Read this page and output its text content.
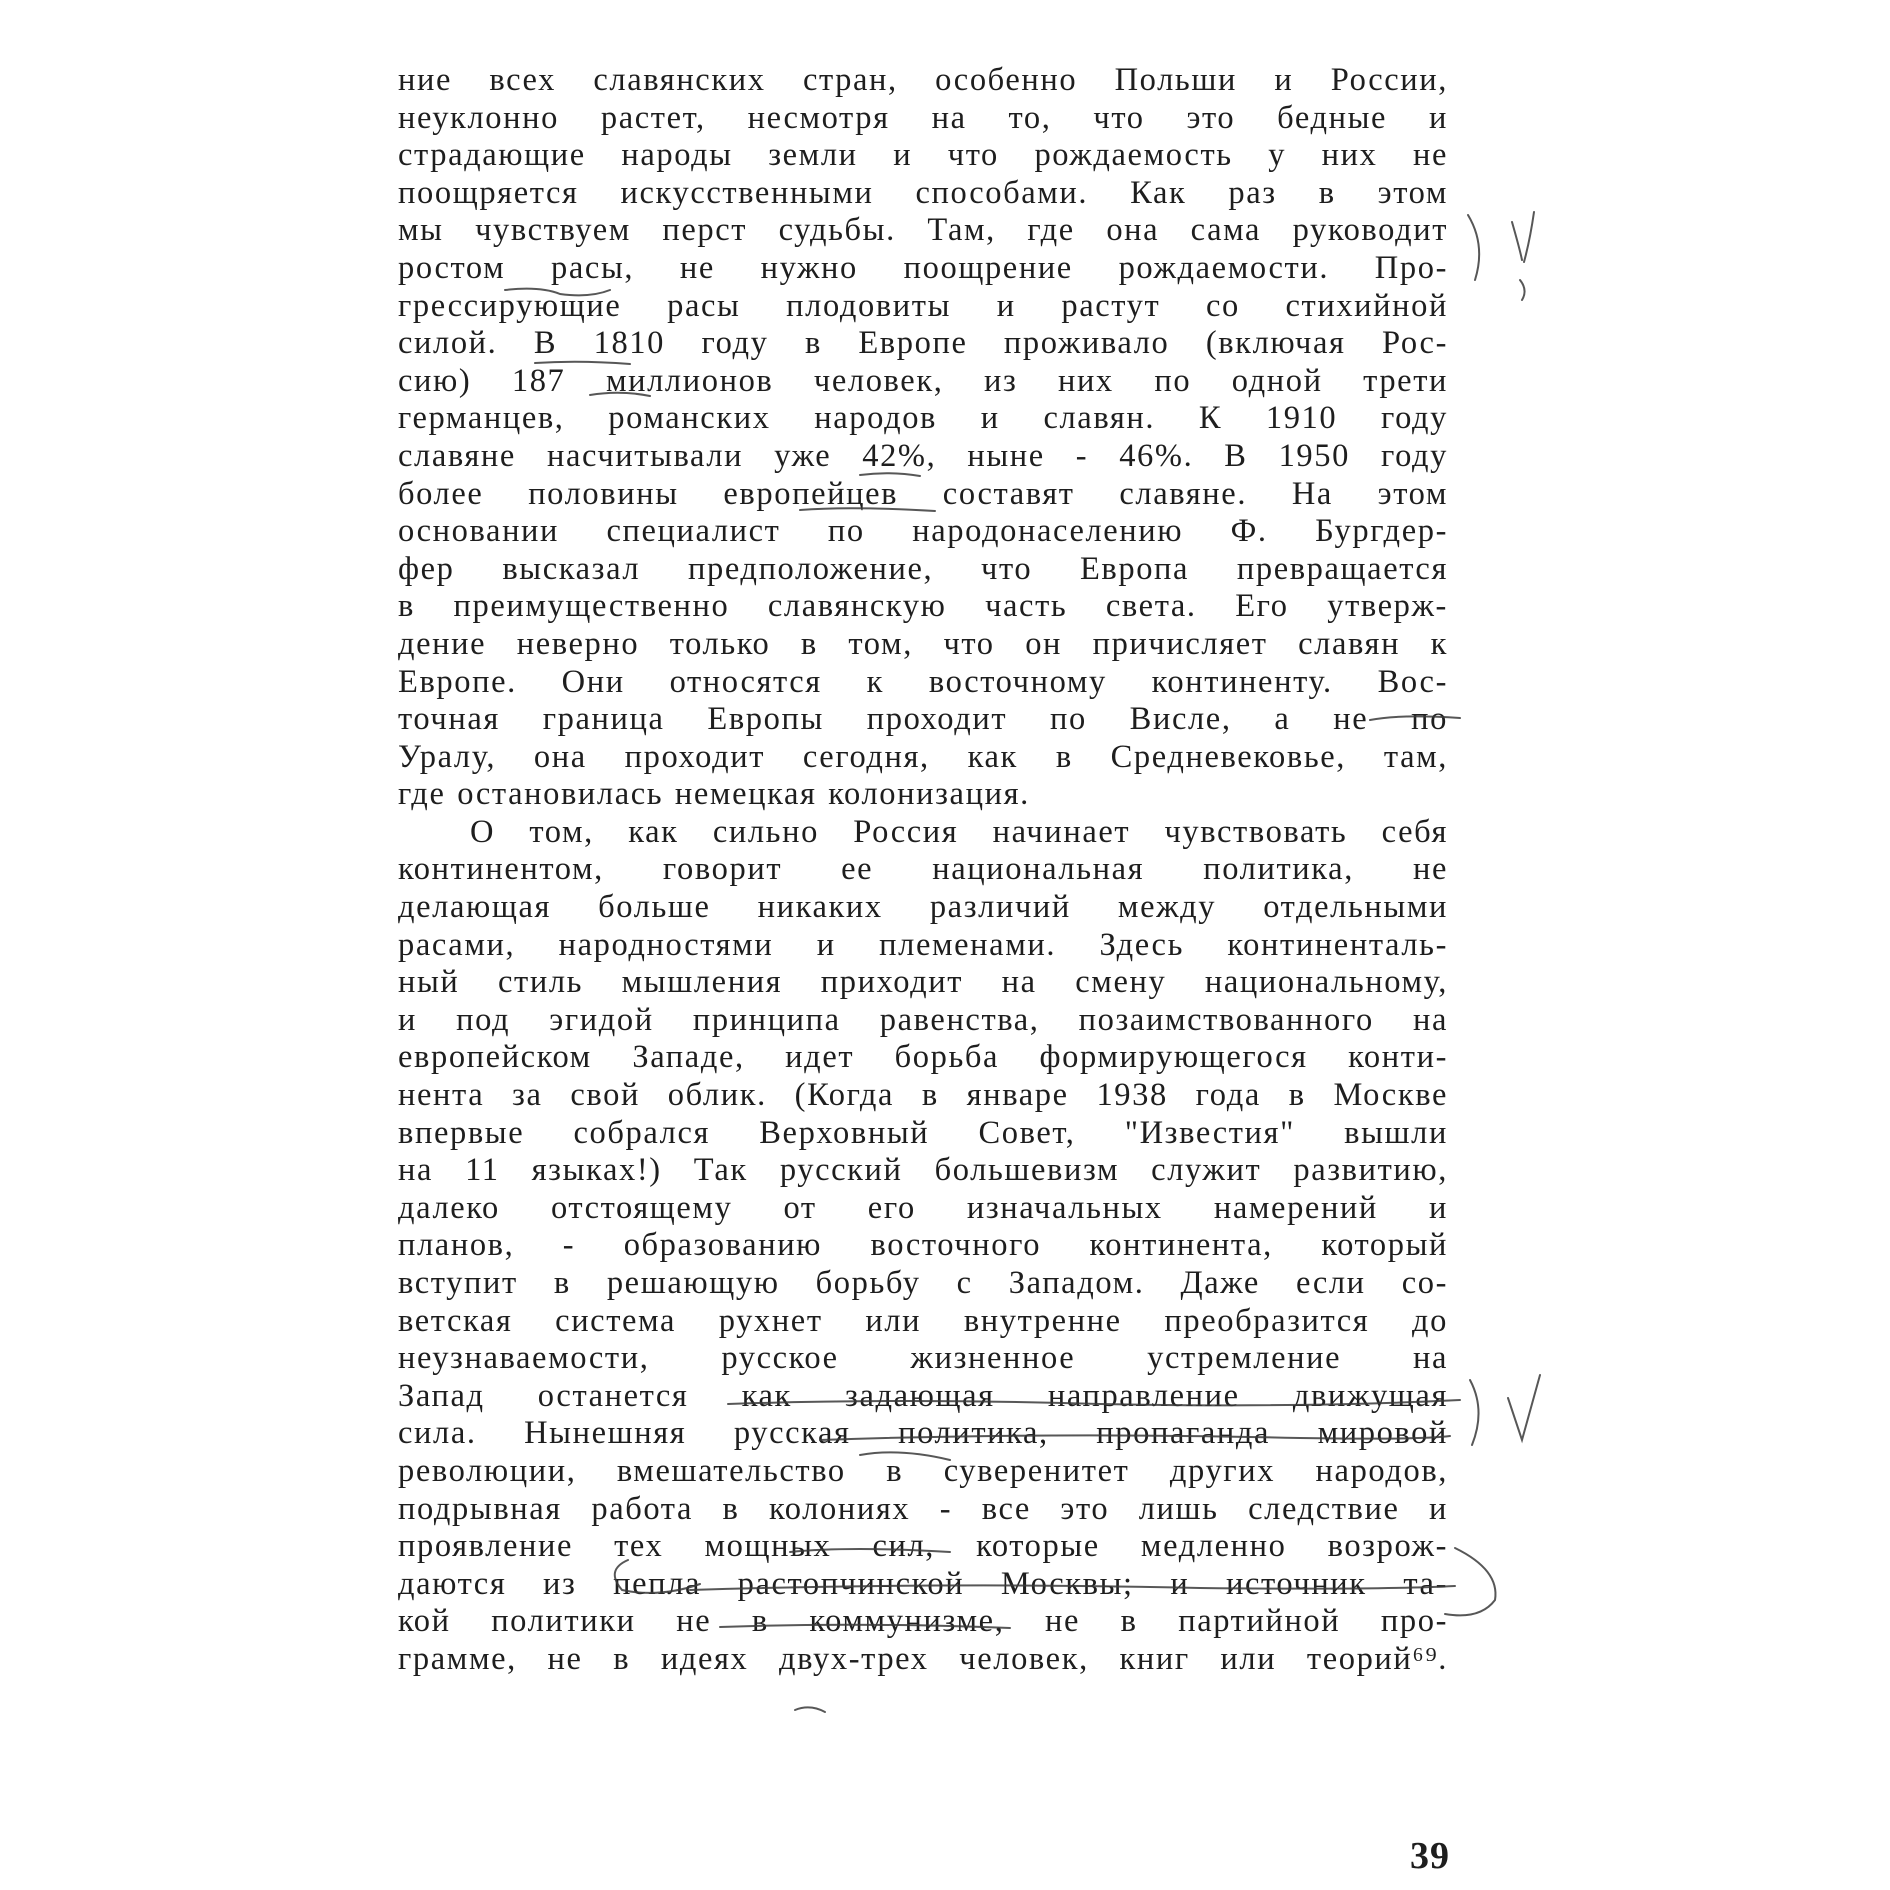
ние всех славянских стран, особенно Польши и России,
неуклонно растет, несмотря на то, что это бедные и
страдающие народы земли и что рождаемость у них не
поощряется искусственными способами. Как раз в этом
мы чувствуем перст судьбы. Там, где она сама руководит
ростом расы, не нужно поощрение рождаемости. Про-
грессирующие расы плодовиты и растут со стихийной
силой. В 1810 году в Европе проживало (включая Рос-
сию) 187 миллионов человек, из них по одной трети
германцев, романских народов и славян. К 1910 году
славяне насчитывали уже 42%, ныне - 46%. В 1950 году
более половины европейцев составят славяне. На этом
основании специалист по народонаселению Ф. Бургдер-
фер высказал предположение, что Европа превращается
в преимущественно славянскую часть света. Его утверж-
дение неверно только в том, что он причисляет славян к
Европе. Они относятся к восточному континенту. Вос-
точная граница Европы проходит по Висле, а не по
Уралу, она проходит сегодня, как в Средневековье, там,
где остановилась немецкая колонизация.
О том, как сильно Россия начинает чувствовать себя
континентом, говорит ее национальная политика, не
делающая больше никаких различий между отдельными
расами, народностями и племенами. Здесь континенталь-
ный стиль мышления приходит на смену национальному,
и под эгидой принципа равенства, позаимствованного на
европейском Западе, идет борьба формирующегося конти-
нента за свой облик. (Когда в январе 1938 года в Москве
впервые собрался Верховный Совет, "Известия" вышли
на 11 языках!) Так русский большевизм служит развитию,
далеко отстоящему от его изначальных намерений и
планов, - образованию восточного континента, который
вступит в решающую борьбу с Западом. Даже если со-
ветская система рухнет или внутренне преобразится до
неузнаваемости, русское жизненное устремление на
Запад останется как задающая направление движущая
сила. Нынешняя русская политика, пропаганда мировой
революции, вмешательство в суверенитет других народов,
подрывная работа в колониях - все это лишь следствие и
проявление тех мощных сил, которые медленно возрож-
даются из пепла растопчинской Москвы; и источник та-
кой политики не в коммунизме, не в партийной про-
грамме, не в идеях двух-трех человек, книг или теорий⁶⁹.
39
